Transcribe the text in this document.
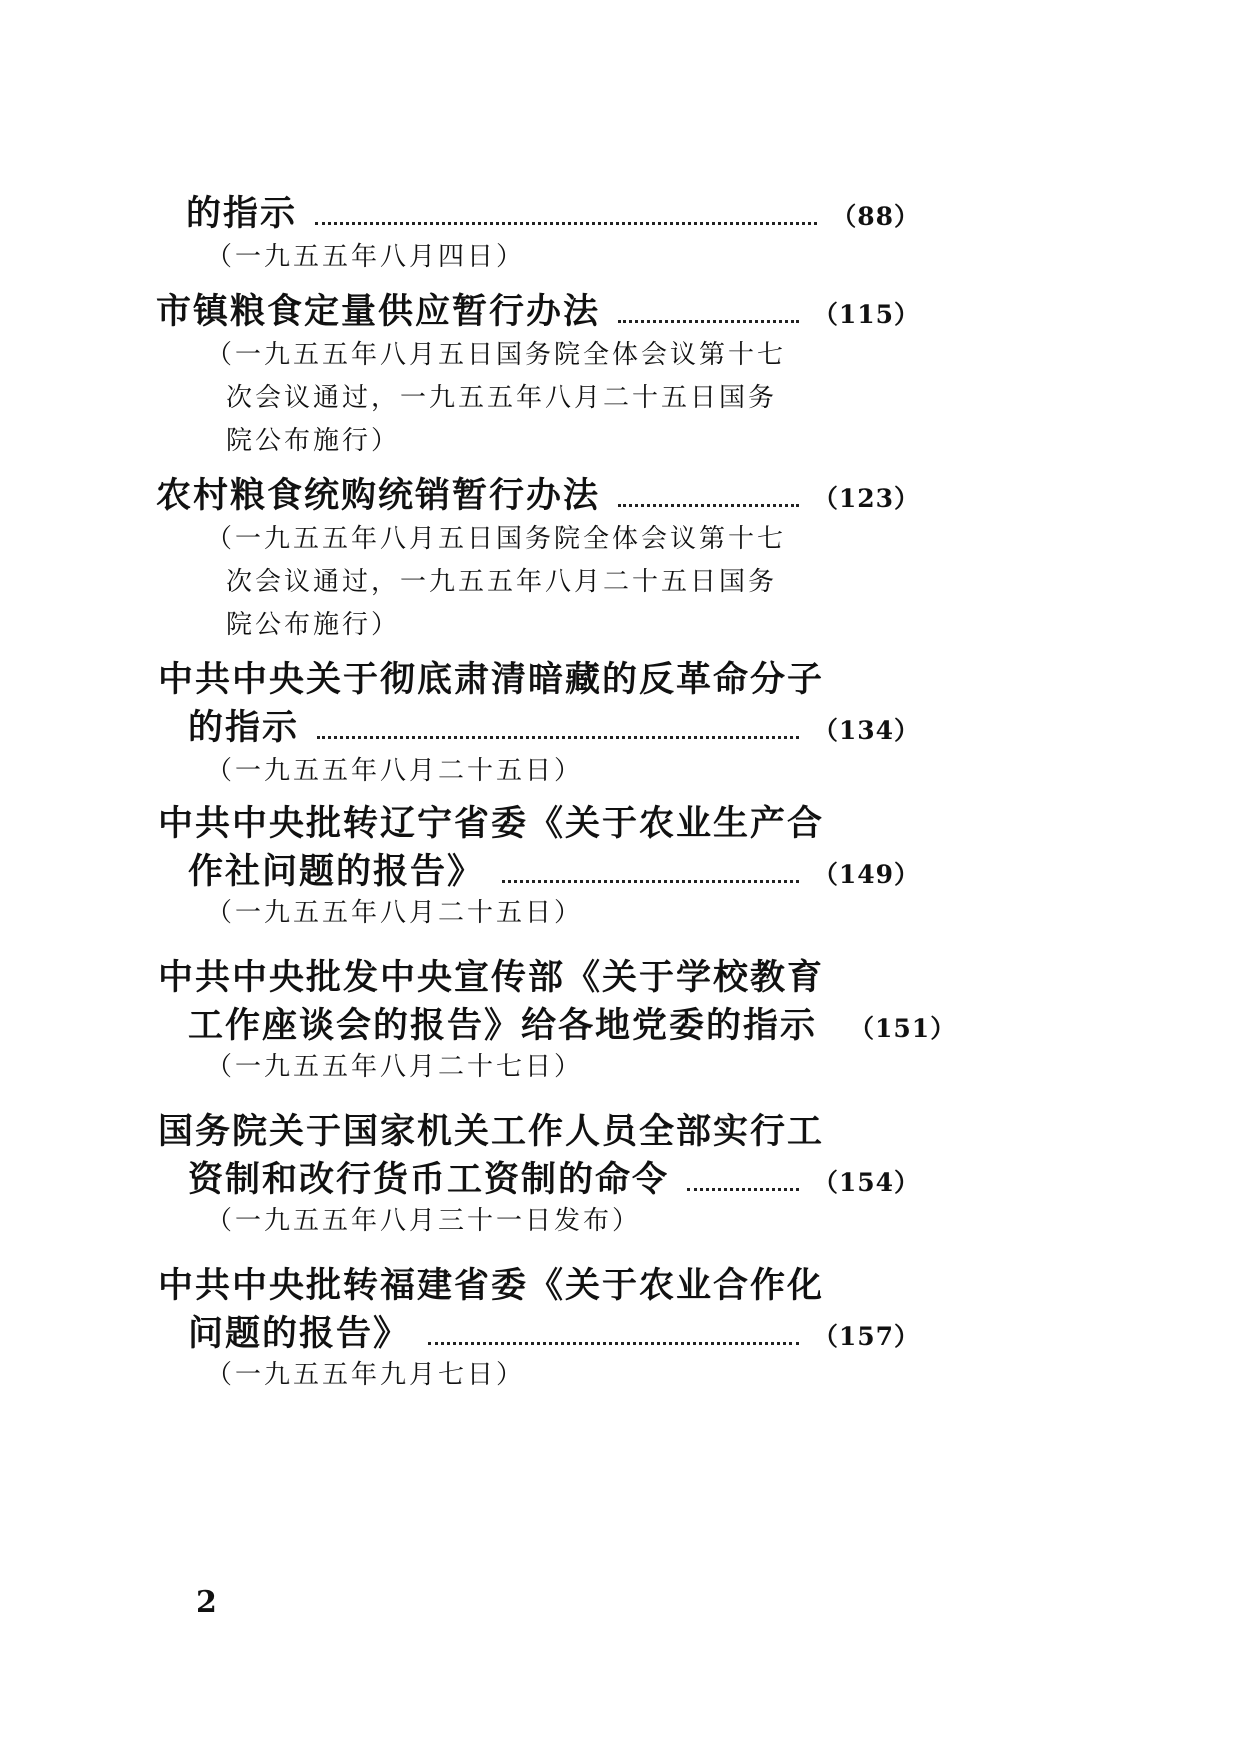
的指示	（88）
（一九五五年八月四日）
市镇粮食定量供应暂行办法	（115）
（一九五五年八月五日国务院全体会议第十七
次会议通过，一九五五年八月二十五日国务
院公布施行）
农村粮食统购统销暂行办法	（123）
（一九五五年八月五日国务院全体会议第十七
次会议通过，一九五五年八月二十五日国务
院公布施行）
中共中央关于彻底肃清暗藏的反革命分子
的指示	（134）
（一九五五年八月二十五日）
中共中央批转辽宁省委《关于农业生产合
作社问题的报告》	（149）
（一九五五年八月二十五日）
中共中央批发中央宣传部《关于学校教育
工作座谈会的报告》给各地党委的指示 （151）
（一九五五年八月二十七日）
国务院关于国家机关工作人员全部实行工
资制和改行货币工资制的命令	（154）
（一九五五年八月三十一日发布）
中共中央批转福建省委《关于农业合作化
问题的报告》	（157）
（一九五五年九月七日）
2
